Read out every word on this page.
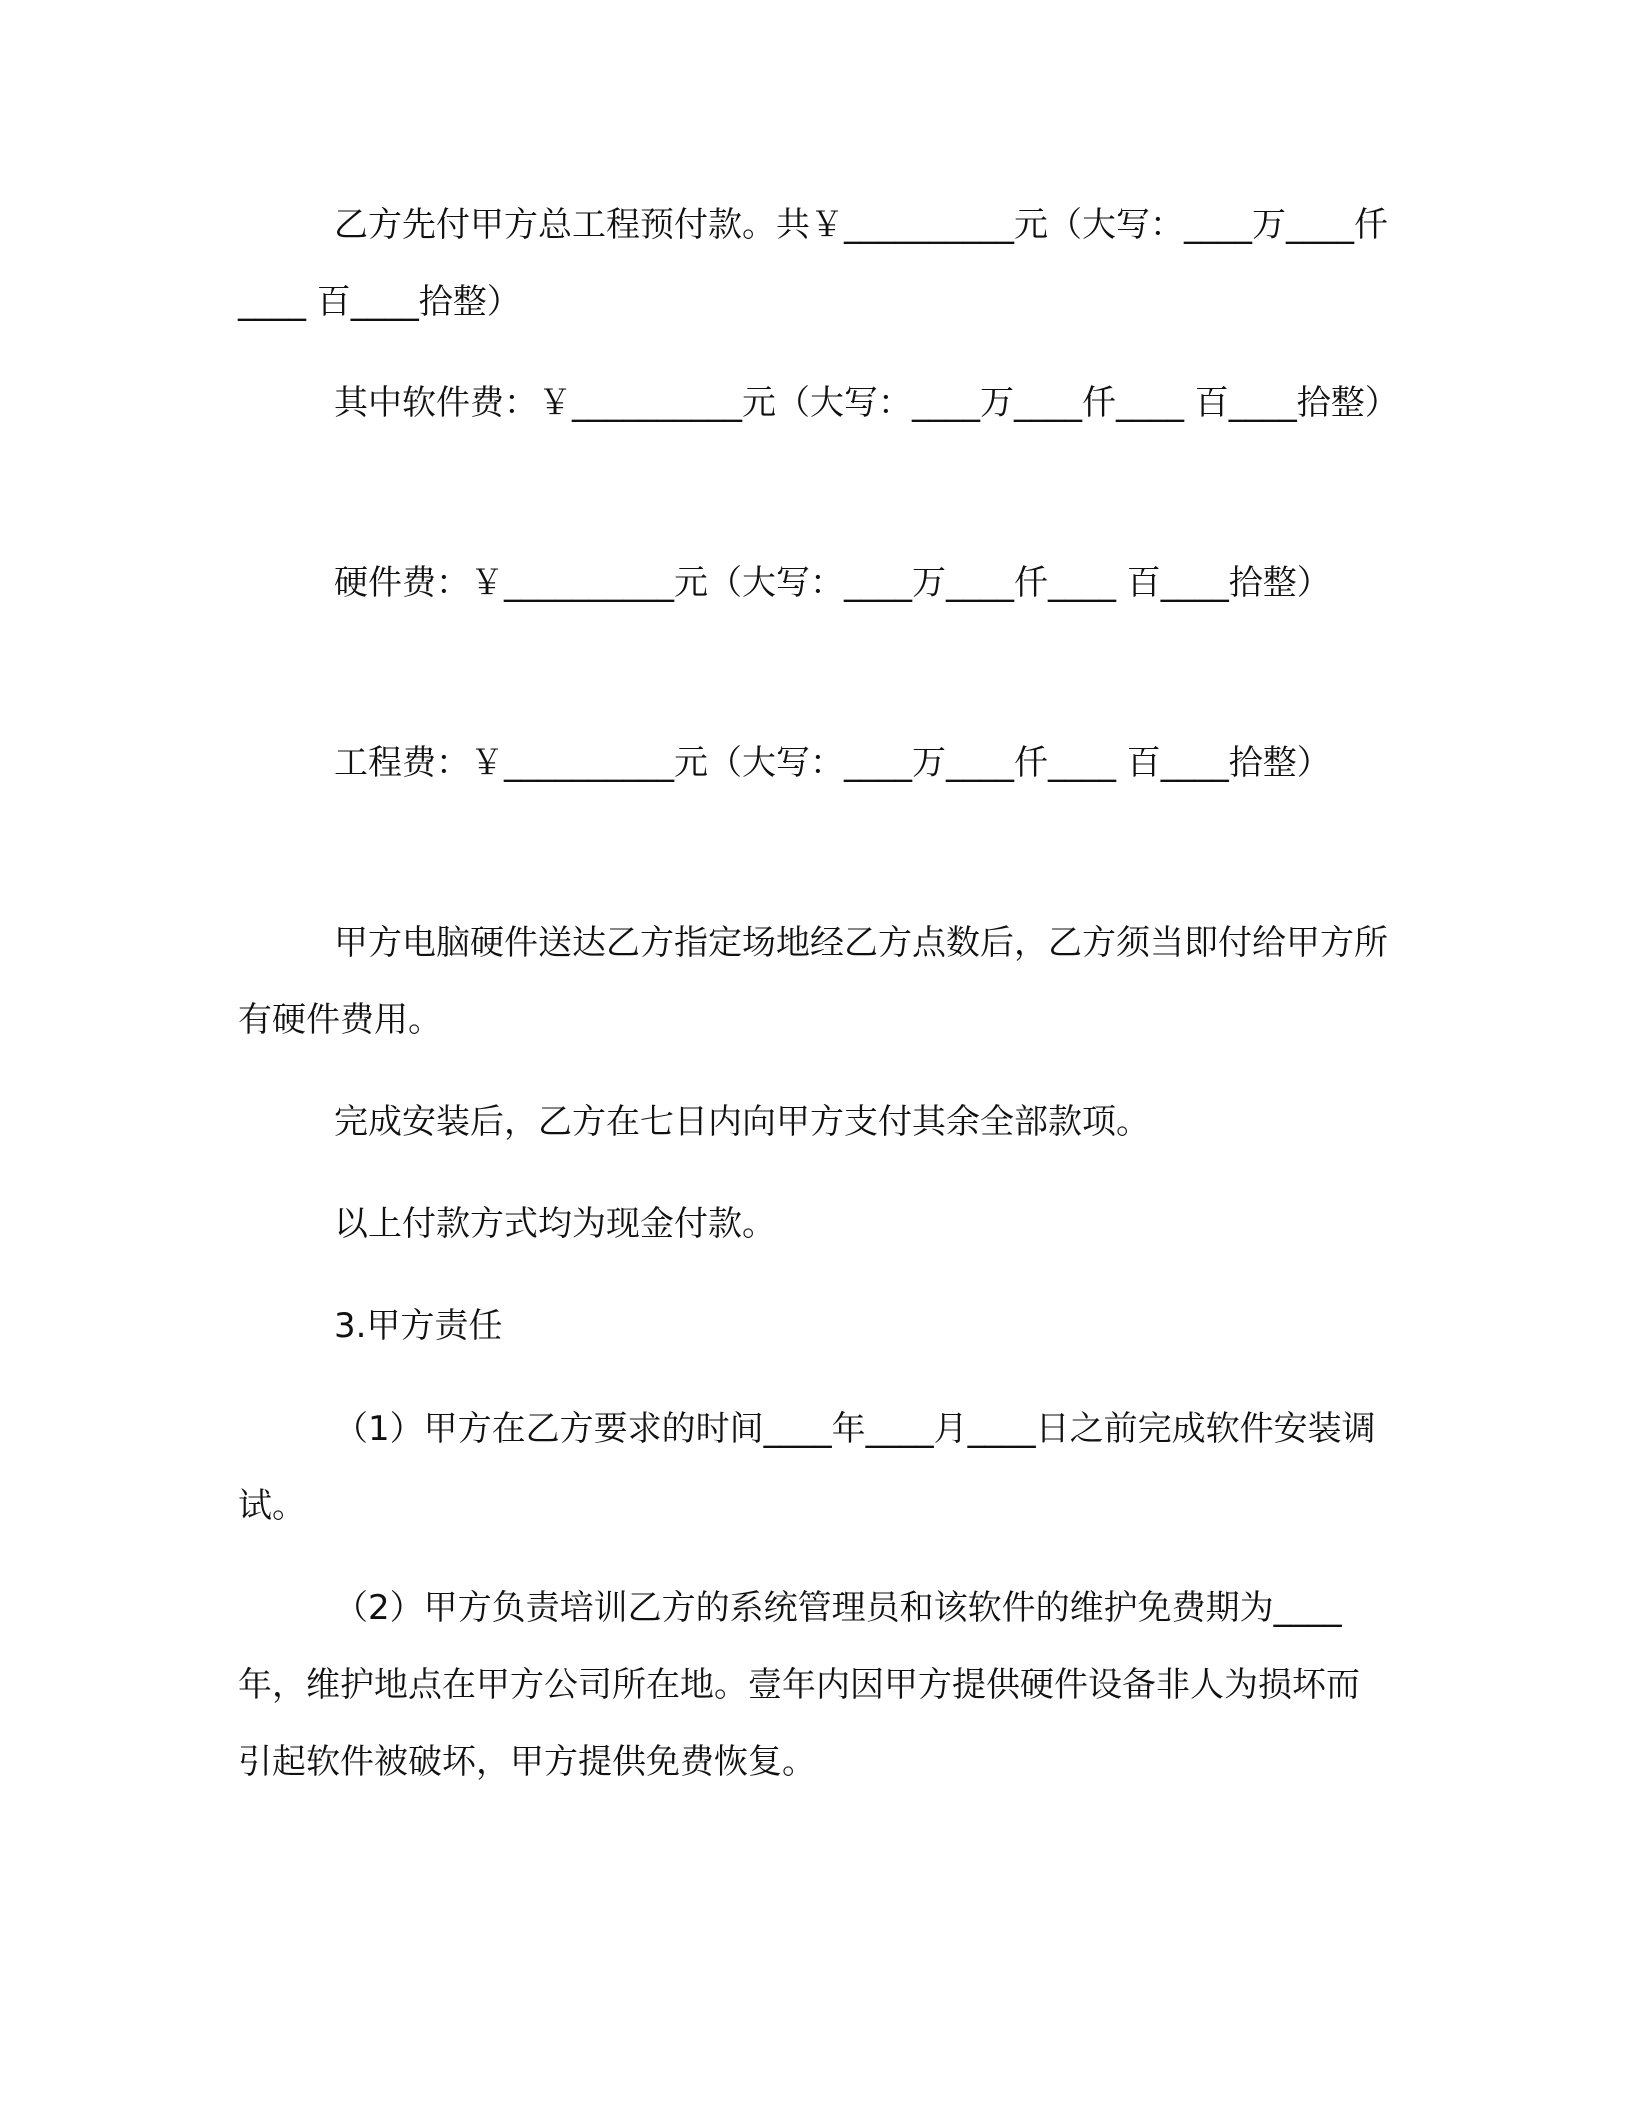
乙方先付甲方总工程预付款。共￥__________元（大写：____万____仟____ 百____拾整）

其中软件费：￥__________元（大写：____万____仟____ 百____拾整）

硬件费：￥__________元（大写：____万____仟____ 百____拾整）

工程费：￥__________元（大写：____万____仟____ 百____拾整）

甲方电脑硬件送达乙方指定场地经乙方点数后，乙方须当即付给甲方所有硬件费用。

完成安装后，乙方在七日内向甲方支付其余全部款项。

以上付款方式均为现金付款。

3.甲方责任

（1）甲方在乙方要求的时间____年____月____日之前完成软件安装调试。

（2）甲方负责培训乙方的系统管理员和该软件的维护免费期为____年，维护地点在甲方公司所在地。壹年内因甲方提供硬件设备非人为损坏而引起软件被破坏，甲方提供免费恢复。
